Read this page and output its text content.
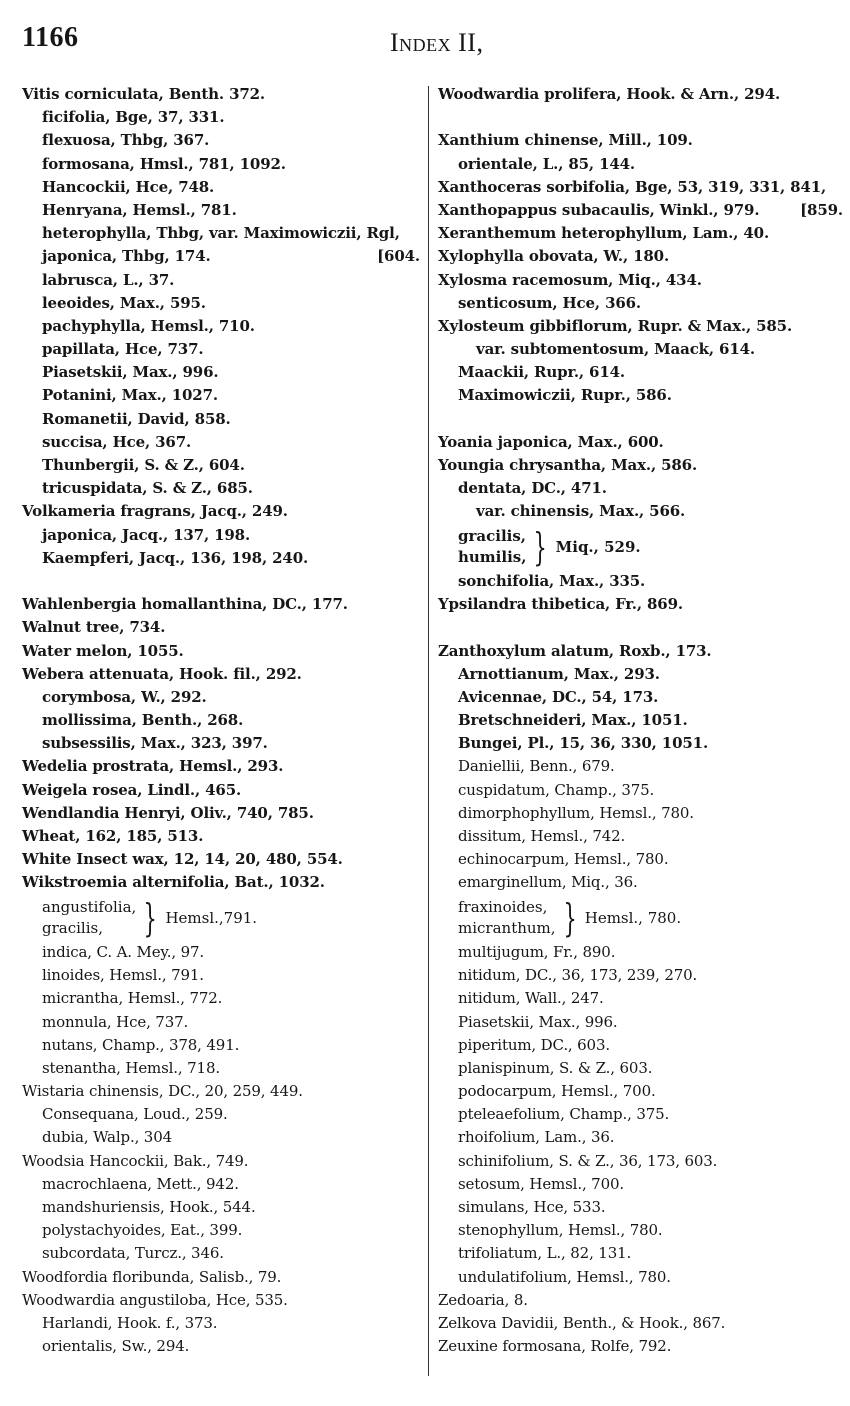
1166	Index II,
Vitis corniculata, Benth. 372.
ficifolia, Bge, 37, 331.
flexuosa, Thbg, 367.
formosana, Hmsl., 781, 1092.
Hancockii, Hce, 748.
Henryana, Hemsl., 781.
heterophylla, Thbg, var. Maximowiczii, Rgl,
japonica, Thbg, 174.	[604.
labrusca, L., 37.
leeoides, Max., 595.
pachyphylla, Hemsl., 710.
papillata, Hce, 737.
Piasetskii, Max., 996.
Potanini, Max., 1027.
Romanetii, David, 858.
succisa, Hce, 367.
Thunbergii, S. & Z., 604.
tricuspidata, S. & Z., 685.
Volkameria fragrans, Jacq., 249.
japonica, Jacq., 137, 198.
Kaempferi, Jacq., 136, 198, 240.
Wahlenbergia homallanthina, DC., 177.
Walnut tree, 734.
Water melon, 1055.
Webera attenuata, Hook. fil., 292.
corymbosa, W., 292.
mollissima, Benth., 268.
subsessilis, Max., 323, 397.
Wedelia prostrata, Hemsl., 293.
Weigela rosea, Lindl., 465.
Wendlandia Henryi, Oliv., 740, 785.
Wheat, 162, 185, 513.
White Insect wax, 12, 14, 20, 480, 554.
Wikstroemia alternifolia, Bat., 1032.
angustifolia,
gracilis,	} Hemsl.,791.
indica, C. A. Mey., 97.
linoides, Hemsl., 791.
micrantha, Hemsl., 772.
monnula, Hce, 737.
nutans, Champ., 378, 491.
stenantha, Hemsl., 718.
Wistaria chinensis, DC., 20, 259, 449.
Consequana, Loud., 259.
dubia, Walp., 304
Woodsia Hancockii, Bak., 749.
macrochlaena, Mett., 942.
mandshuriensis, Hook., 544.
polystachyoides, Eat., 399.
subcordata, Turcz., 346.
Woodfordia floribunda, Salisb., 79.
Woodwardia angustiloba, Hce, 535.
Harlandi, Hook. f., 373.
orientalis, Sw., 294.
Woodwardia prolifera, Hook. & Arn., 294.
Xanthium chinense, Mill., 109.
orientale, L., 85, 144.
Xanthoceras sorbifolia, Bge, 53, 319, 331, 841,
Xanthopappus subacaulis, Winkl., 979.	[859.
Xeranthemum heterophyllum, Lam., 40.
Xylophylla obovata, W., 180.
Xylosma racemosum, Miq., 434.
senticosum, Hce, 366.
Xylosteum gibbiflorum, Rupr. & Max., 585.
var. subtomentosum, Maack, 614.
Maackii, Rupr., 614.
Maximowiczii, Rupr., 586.
Yoania japonica, Max., 600.
Youngia chrysantha, Max., 586.
dentata, DC., 471.
var. chinensis, Max., 566.
gracilis,
humilis, } Miq., 529.
sonchifolia, Max., 335.
Ypsilandra thibetica, Fr., 869.
Zanthoxylum alatum, Roxb., 173.
Arnottianum, Max., 293.
Avicennae, DC., 54, 173.
Bretschneideri, Max., 1051.
Bungei, Pl., 15, 36, 330, 1051.
Daniellii, Benn., 679.
cuspidatum, Champ., 375.
dimorphophyllum, Hemsl., 780.
dissitum, Hemsl., 742.
echinocarpum, Hemsl., 780.
emarginellum, Miq., 36.
fraxinoides,
micranthum, } Hemsl., 780.
multijugum, Fr., 890.
nitidum, DC., 36, 173, 239, 270.
nitidum, Wall., 247.
Piasetskii, Max., 996.
piperitum, DC., 603.
planispinum, S. & Z., 603.
podocarpum, Hemsl., 700.
pteleaefolium, Champ., 375.
rhoifolium, Lam., 36.
schinifolium, S. & Z., 36, 173, 603.
setosum, Hemsl., 700.
simulans, Hce, 533.
stenophyllum, Hemsl., 780.
trifoliatum, L., 82, 131.
undulatifolium, Hemsl., 780.
Zedoaria, 8.
Zelkova Davidii, Benth., & Hook., 867.
Zeuxine formosana, Rolfe, 792.
